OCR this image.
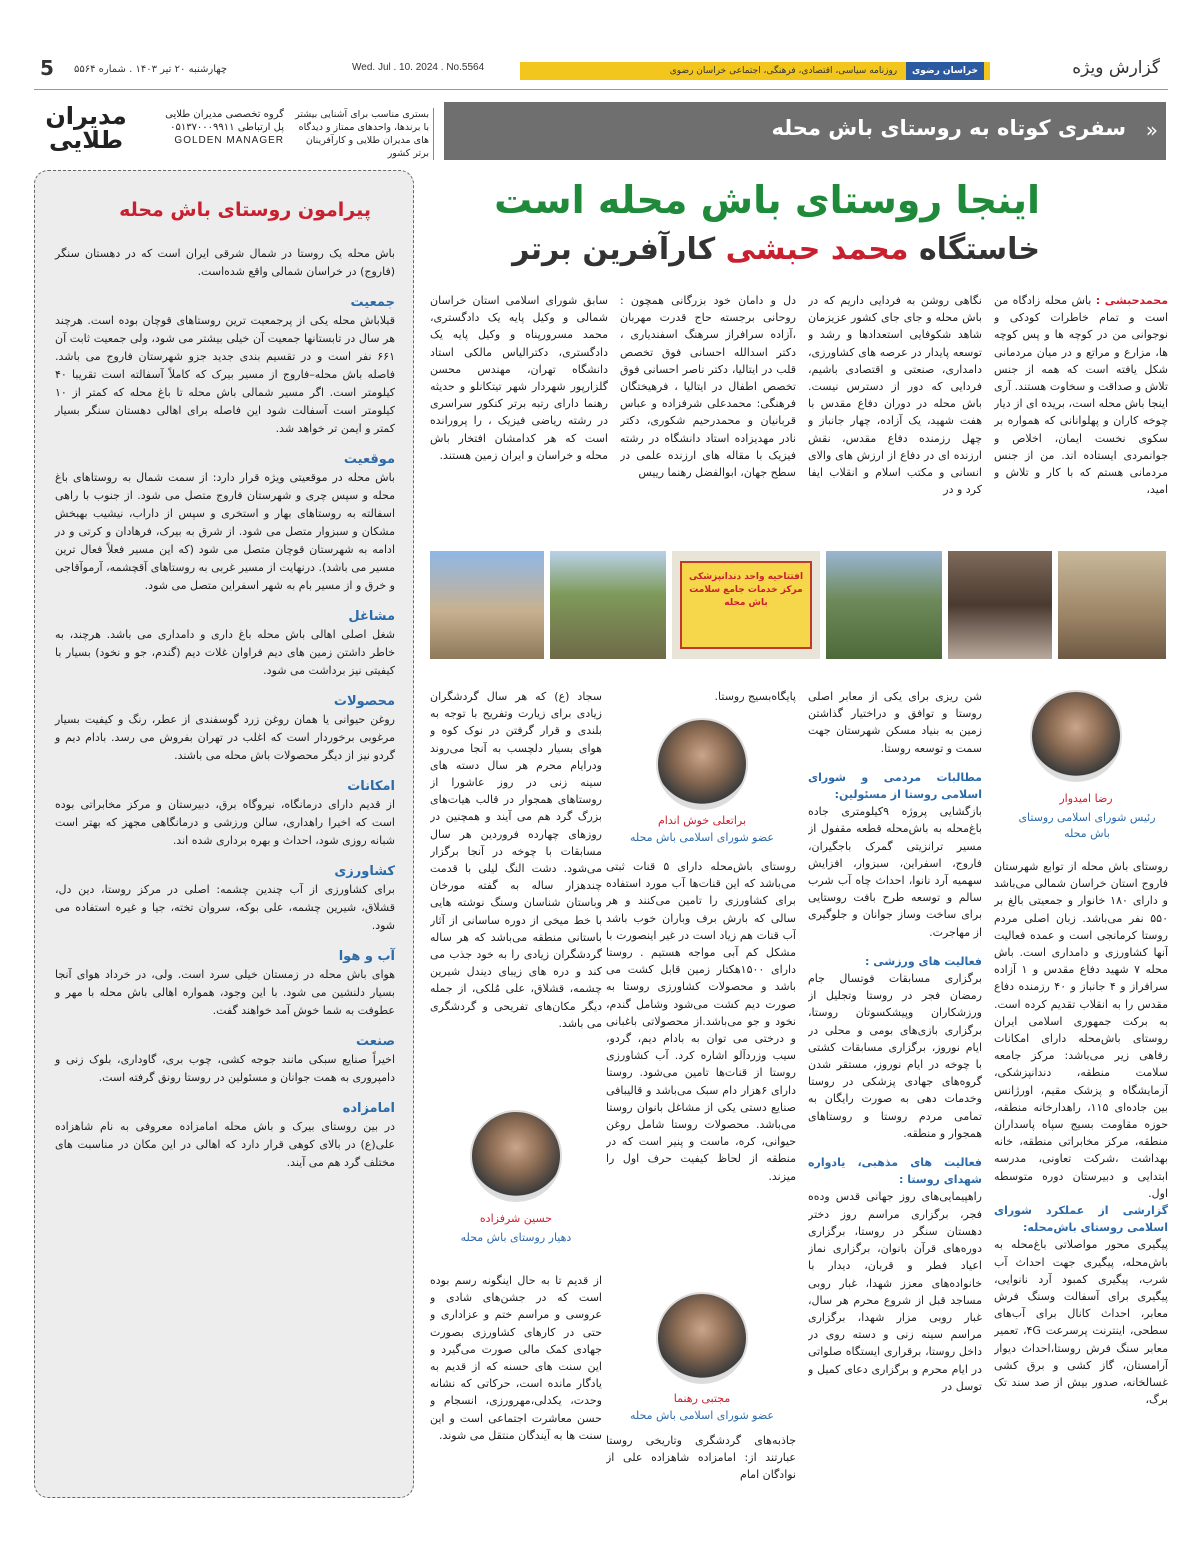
گزارش ویژه
Wed. Jul . 10. 2024 . No.5564	خراسان رضوی روزنامه سیاسی، اقتصادی، فرهنگی، اجتماعی خراسان رضوی
چهارشنبه ۲۰ تیر ۱۴۰۳ . شماره ۵۵۶۴
5
«
سفری کوتاه به روستای باش محله
بستری مناسب برای آشنایی بیشتر با برندها، واحدهای ممتاز و دیدگاه های مدیران طلایی و کارآفرینان برتر کشور
گروه تخصصی مدیران طلایی
پل ارتباطی ۰۵۱۳۷۰۰۰۹۹۱۱
GOLDEN MANAGER
مدیران طلایی
پیرامون روستای باش محله
باش محله یک روستا در شمال شرقی ایران است که در دهستان سنگر (فاروج) در خراسان شمالی واقع شده‌است.
جمعیت
قبلاباش محله یکی از پرجمعیت ترین روستاهای قوچان بوده است. هرچند هر سال در تابستانها جمعیت آن خیلی بیشتر می شود، ولی جمعیت ثابت آن ۶۶۱ نفر است و در تقسیم بندی جدید جزو شهرستان فاروج می باشد. فاصله باش محله–فاروج از مسیر بیرک که کاملاً آسفالته است تقریبا ۴۰ کیلومتر است. اگر مسیر شمالی باش محله تا باغ محله که کمتر از ۱۰ کیلومتر است آسفالت شود این فاصله برای اهالی دهستان سنگر بسیار کمتر و ایمن تر خواهد شد.
موقعیت
باش محله در موقعیتی ویژه قرار دارد: از سمت شمال به روستاهای باغ محله و سپس چری و شهرستان فاروج متصل می شود. از جنوب با راهی اسفالته به روستاهای بهار و استخری و سپس از داراب، نیشیب بهبخش مشکان و سبزوار متصل می شود. از شرق به بیرک، فرهادان و کرتی و در ادامه به شهرستان قوچان متصل می شود (که این مسیر فعلاً فعال ترین مسیر می باشد). درنهایت از مسیر غربی به روستاهای آقچشمه، آرموآقاجی و خرق و از مسیر بام به شهر اسفراین متصل می شود.
مشاغل
شغل اصلی اهالی باش محله باغ داری و دامداری می باشد. هرچند، به خاطر داشتن زمین های دیم فراوان غلات دیم (گندم، جو و نخود) بسیار با کیفیتی نیز برداشت می شود.
محصولات
روغن حیوانی یا همان روغن زرد گوسفندی از عطر، رنگ و کیفیت بسیار مرغوبی برخوردار است که اغلب در تهران بفروش می رسد. بادام دیم و گردو نیز از دیگر محصولات باش محله می باشند.
امکانات
از قدیم دارای درمانگاه، نیروگاه برق، دبیرستان و مرکز مخابراتی بوده است که اخیرا راهداری، سالن ورزشی و درمانگاهی مجهز که بهتر است شبانه روزی شود، احداث و بهره برداری شده اند.
کشاورزی
برای کشاورزی از آب چندین چشمه: اصلی در مرکز روستا، دین دل، قشلاق، شیرین چشمه، علی بوکه، سروان تخته، جیا و غیره استفاده می شود.
آب و هوا
هوای باش محله در زمستان خیلی سرد است. ولی، در خرداد هوای آنجا بسیار دلنشین می شود. با این وجود، همواره اهالی باش محله با مهر و عطوفت به شما خوش آمد خواهند گفت.
صنعت
اخیراً صنایع سبکی مانند جوجه کشی، چوب بری، گاوداری، بلوک زنی و دامپروری به همت جوانان و مسئولین در روستا رونق گرفته است.
امامزاده
در بین روستای بیرک و باش محله امامزاده معروفی به نام شاهزاده علی(ع) در بالای کوهی قرار دارد که اهالی در این مکان در مناسبت های مختلف گرد هم می آیند.
اینجا روستای باش محله است
خاستگاه محمد حبشی کارآفرین برتر
محمدحبشی : باش محله زادگاه من است و تمام خاطرات کودکی و نوجوانی من در کوچه ها و پس کوچه ها، مزارع و مراتع و در میان مردمانی شکل یافته است که همه از جنس تلاش و صداقت و سخاوت هستند. آری اینجا باش محله است، بریده ای از دیار چوخه کاران و پهلوانانی که همواره بر سکوی نخست ایمان، اخلاص و جوانمردی ایستاده اند. من از جنس مردمانی هستم که با کار و تلاش و امید،
نگاهی روشن به فردایی داریم که در باش محله و جای جای کشور عزیزمان شاهد شکوفایی استعدادها و رشد و توسعه پایدار در عرصه های کشاورزی، دامداری، صنعتی و اقتصادی باشیم، فردایی که دور از دسترس نیست. باش محله در دوران دفاع مقدس با هفت شهید، یک آزاده، چهار جانباز و چهل رزمنده دفاع مقدس، نقش ارزنده ای در دفاع از ارزش های والای انسانی و مکتب اسلام و انقلاب ایفا کرد و در
دل و دامان خود بزرگانی همچون : روحانی برجسته حاج قدرت مهربان ،آزاده سرافراز سرهنگ اسفندیاری ، دکتر اسدالله احسانی فوق تخصص قلب در ایتالیا، دکتر ناصر احسانی فوق تخصص اطفال در ایتالیا ، فرهیختگان فرهنگی: محمدعلی شرفزاده و عباس قربانیان و محمدرحیم شکوری، دکتر نادر مهدیزاده استاد دانشگاه در رشته فیزیک با مقاله های ارزنده علمی در سطح جهان، ابوالفضل رهنما رییس
سابق شورای اسلامی استان خراسان شمالی و وکیل پایه یک دادگستری، محمد مسرورپناه و وکیل پایه یک دادگستری، دکترالیاس مالکی استاد دانشگاه تهران، مهندس محسن گلزارپور شهردار شهر تیتکانلو و حدیثه رهنما دارای رتبه برتر کنکور سراسری در رشته ریاضی فیزیک ، را پرورانده است که هر کدامشان افتخار باش محله و خراسان و ایران زمین هستند.
افتتاحیه واحد دندانپزشکی
مرکز خدمات جامع سلامت باش محله
رضا امیدوار
رئیس شورای اسلامی روستای باش محله
براتعلی خوش اندام
عضو شورای اسلامی باش محله
حسین شرفزاده
دهیار روستای باش محله
مجتبی رهنما
عضو شورای اسلامی باش محله
روستای باش محله از توابع شهرستان فاروج استان خراسان شمالی می‌باشد و دارای ۱۸۰ خانوار و جمعیتی بالغ بر ۵۵۰ نفر می‌باشد. زبان اصلی مردم روستا کرمانجی است و عمده فعالیت آنها کشاورزی و دامداری است. باش محله ۷ شهید دفاع مقدس و ۱ آزاده سرافراز و ۴ جانباز و ۴۰ رزمنده دفاع مقدس را به انقلاب تقدیم کرده است. به برکت جمهوری اسلامی ایران روستای باش‌محله دارای امکانات رفاهی زیر می‌باشد: مرکز جامعه سلامت منطقه، دندانپزشکی، آزمایشگاه و پزشک مقیم، اورژانس بین جاده‌ای ۱۱۵، راهدارخانه منطقه، حوزه مقاومت بسیج سپاه پاسداران منطقه، مرکز مخابراتی منطقه، خانه بهداشت ،شرکت تعاونی، مدرسه ابتدایی و دبیرستان دوره متوسطه اول.
گزارشی از عملکرد شورای اسلامی روستای باش‌محله:
پیگیری محور مواصلاتی باغ‌محله به باش‌محله، پیگیری جهت احداث آب شرب، پیگیری کمبود آرد نانوایی، پیگیری برای آسفالت وسنگ فرش معابر، احداث کانال برای آب‌های سطحی، اینترنت پرسرعت ۴G، تعمیر معابر سنگ فرش روستا،احداث دیوار آرامستان، گاز کشی و برق کشی غسالخانه، صدور بیش از صد سند تک برگ،
شن ریزی برای یکی از معابر اصلی روستا و توافق و دراختیار گذاشتن زمین به بنیاد مسکن شهرستان جهت سمت و توسعه روستا.
مطالبات مردمی و شورای اسلامی روستا از مسئولین:
بازگشایی پروژه ۹کیلومتری جاده باغ‌محله به باش‌محله قطعه مقفول از مسیر ترانزیتی گمرک باجگیران، فاروج، اسفراین، سبزوار، افزایش سهمیه آرد نانوا، احداث چاه آب شرب سالم و توسعه طرح بافت روستایی برای ساخت وساز جوانان و جلوگیری از مهاجرت.
فعالیت های ورزشی :
برگزاری مسابقات فوتسال جام رمضان فجر در روستا وتجلیل از ورزشکاران وپیشکسوتان روستا، برگزاری بازی‌های بومی و محلی در ایام نوروز، برگزاری مسابقات کشتی با چوخه در ایام نوروز، مستقر شدن گروه‌های جهادی پزشکی در روستا وخدمات دهی به صورت رایگان به تمامی مردم روستا و روستاهای همجوار و منطقه.
فعالیت های مذهبی، یادواره شهدای روستا :
راهپیمایی‌های روز جهانی قدس وده‌ه فجر، برگزاری مراسم روز دختر دهستان سنگر در روستا، برگزاری دوره‌های قرآن بانوان، برگزاری نماز اعیاد فطر و قربان، دیدار با خانواده‌های معزز شهدا، غبار روبی مساجد قبل از شروع محرم هر سال، غبار روبی مزار شهدا، برگزاری مراسم سینه زنی و دسته روی در داخل روستا، برقراری ایستگاه صلواتی در ایام محرم و برگزاری دعای کمیل و توسل در
پایگاه‌بسیج روستا.
روستای باش‌محله دارای ۵ قنات ثبتی می‌باشد که این قنات‌ها آب مورد استفاده برای کشاورزی را تامین می‌کنند و هر سالی که بارش برف وباران خوب باشد آب قنات هم زیاد است در غیر اینصورت با مشکل کم آبی مواجه هستیم . روستا دارای ۱۵۰۰هکتار زمین قابل کشت می باشد و محصولات کشاورزی روستا به صورت دیم کشت می‌شود وشامل گندم، نخود و جو می‌باشد.از محصولاتی باغبانی و درختی می توان به بادام دیم، گردو، سیب وزردآلو اشاره کرد. آب کشاورزی روستا از قنات‌ها تامین می‌شود. روستا دارای ۶هزار دام سبک می‌باشد و قالیبافی صنایع دستی یکی از مشاغل بانوان روستا می‌باشد. محصولات روستا شامل روغن حیوانی، کره، ماست و پنیر است که در منطقه از لحاظ کیفیت حرف اول را میزند.
جاذبه‌های گردشگری وتاریخی روستا عبارتند از: امامزاده شاهزاده علی از نوادگان امام
سجاد (ع) که هر سال گردشگران زیادی برای زیارت وتفریح با توجه به بلندی و قرار گرفتن در نوک کوه و هوای بسیار دلچسب به آنجا می‌روند ودرایام محرم هر سال دسته های سینه زنی در روز عاشورا از روستاهای همجوار در قالب هیات‌های بزرگ گرد هم می آیند و همچنین در روزهای چهارده فروردین هر سال مسابقات با چوخه در آنجا برگزار می‌شود. دشت النگ لیلی با قدمت چندهزار ساله به گفته مورخان وباستان شناسان وسنگ نوشته هایی با خط میخی از دوره ساسانی از آثار باستانی منطقه می‌باشد که هر ساله گردشگران زیادی را به خود جذب می کند و دره های زیبای دیندل شیرین چشمه، قشلاق، علی مُلکی، از جمله دیگر مکان‌های تفریحی و گردشگری می باشد.
از قدیم تا به حال اینگونه رسم بوده است که در جشن‌های شادی و عروسی و مراسم ختم و عزاداری و حتی در کارهای کشاورزی بصورت جهادی کمک مالی صورت می‌گیرد و این سنت های حسنه که از قدیم به یادگار مانده است، حرکاتی که نشانه وحدت، یکدلی،مهرورزی، انسجام و حسن معاشرت اجتماعی است و این سنت ها به آیندگان منتقل می شوند.
